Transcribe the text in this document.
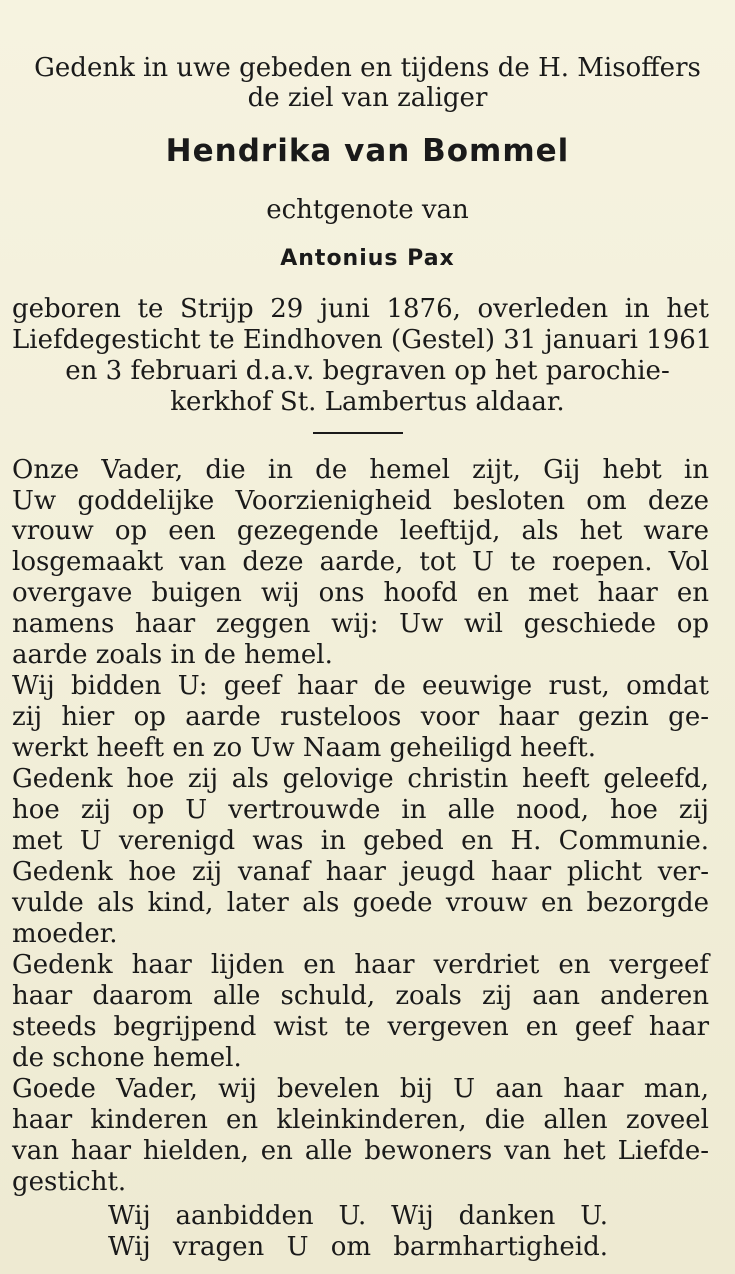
Gedenk in uwe gebeden en tijdens de H. Misoffers
de ziel van zaliger
Hendrika van Bommel
echtgenote van
Antonius Pax
geboren te Strijp 29 juni 1876, overleden in het
Liefdegesticht te Eindhoven (Gestel) 31 januari 1961
en 3 februari d.a.v. begraven op het parochie-
kerkhof St. Lambertus aldaar.
Onze Vader, die in de hemel zijt, Gij hebt in
Uw goddelijke Voorzienigheid besloten om deze
vrouw op een gezegende leeftijd, als het ware
losgemaakt van deze aarde, tot U te roepen. Vol
overgave buigen wij ons hoofd en met haar en
namens haar zeggen wij: Uw wil geschiede op
aarde zoals in de hemel.
Wij bidden U: geef haar de eeuwige rust, omdat
zij hier op aarde rusteloos voor haar gezin ge-
werkt heeft en zo Uw Naam geheiligd heeft.
Gedenk hoe zij als gelovige christin heeft geleefd,
hoe zij op U vertrouwde in alle nood, hoe zij
met U verenigd was in gebed en H. Communie.
Gedenk hoe zij vanaf haar jeugd haar plicht ver-
vulde als kind, later als goede vrouw en bezorgde
moeder.
Gedenk haar lijden en haar verdriet en vergeef
haar daarom alle schuld, zoals zij aan anderen
steeds begrijpend wist te vergeven en geef haar
de schone hemel.
Goede Vader, wij bevelen bij U aan haar man,
haar kinderen en kleinkinderen, die allen zoveel
van haar hielden, en alle bewoners van het Liefde-
gesticht.
Wij aanbidden U. Wij danken U.
Wij vragen U om barmhartigheid.
